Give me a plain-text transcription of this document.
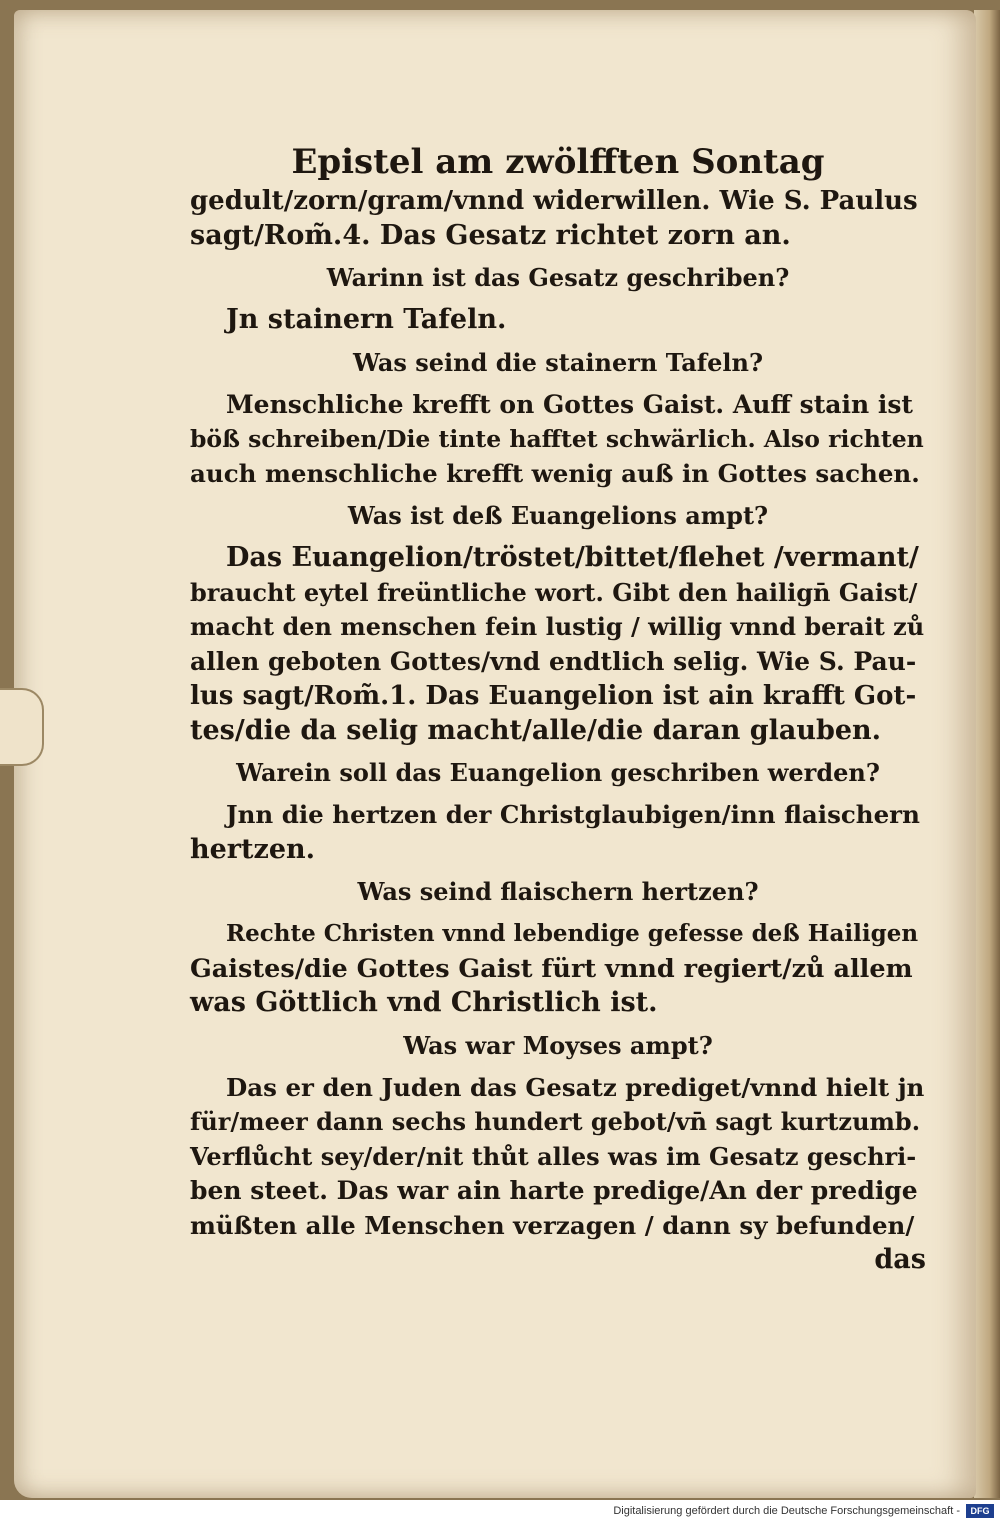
Epistel am zwölfften Sontag
gedult/zorn/gram/vnnd widerwillen. Wie S. Paulus
sagt/Rom̃.4. Das Gesatz richtet zorn an.
Warinn ist das Gesatz geschriben?
Jn stainern Tafeln.
Was seind die stainern Tafeln?
Menschliche krefft on Gottes Gaist. Auff stain ist
böß schreiben/Die tinte hafftet schwärlich. Also richten
auch menschliche krefft wenig auß in Gottes sachen.
Was ist deß Euangelions ampt?
Das Euangelion/tröstet/bittet/flehet /vermant/
braucht eytel freüntliche wort. Gibt den hailign̄ Gaist/
macht den menschen fein lustig / willig vnnd berait zů
allen geboten Gottes/vnd endtlich selig. Wie S. Pau-
lus sagt/Rom̃.1. Das Euangelion ist ain krafft Got-
tes/die da selig macht/alle/die daran glauben.
Warein soll das Euangelion geschriben werden?
Jnn die hertzen der Christglaubigen/inn flaischern
hertzen.
Was seind flaischern hertzen?
Rechte Christen vnnd lebendige gefesse deß Hailigen
Gaistes/die Gottes Gaist fürt vnnd regiert/zů allem
was Göttlich vnd Christlich ist.
Was war Moyses ampt?
Das er den Juden das Gesatz prediget/vnnd hielt jn
für/meer dann sechs hundert gebot/vn̄ sagt kurtzumb.
Verflůcht sey/der/nit thůt alles was im Gesatz geschri-
ben steet. Das war ain harte predige/An der predige
müßten alle Menschen verzagen / dann sy befunden/
das
Digitalisierung gefördert durch die Deutsche Forschungsgemeinschaft -	DFG
